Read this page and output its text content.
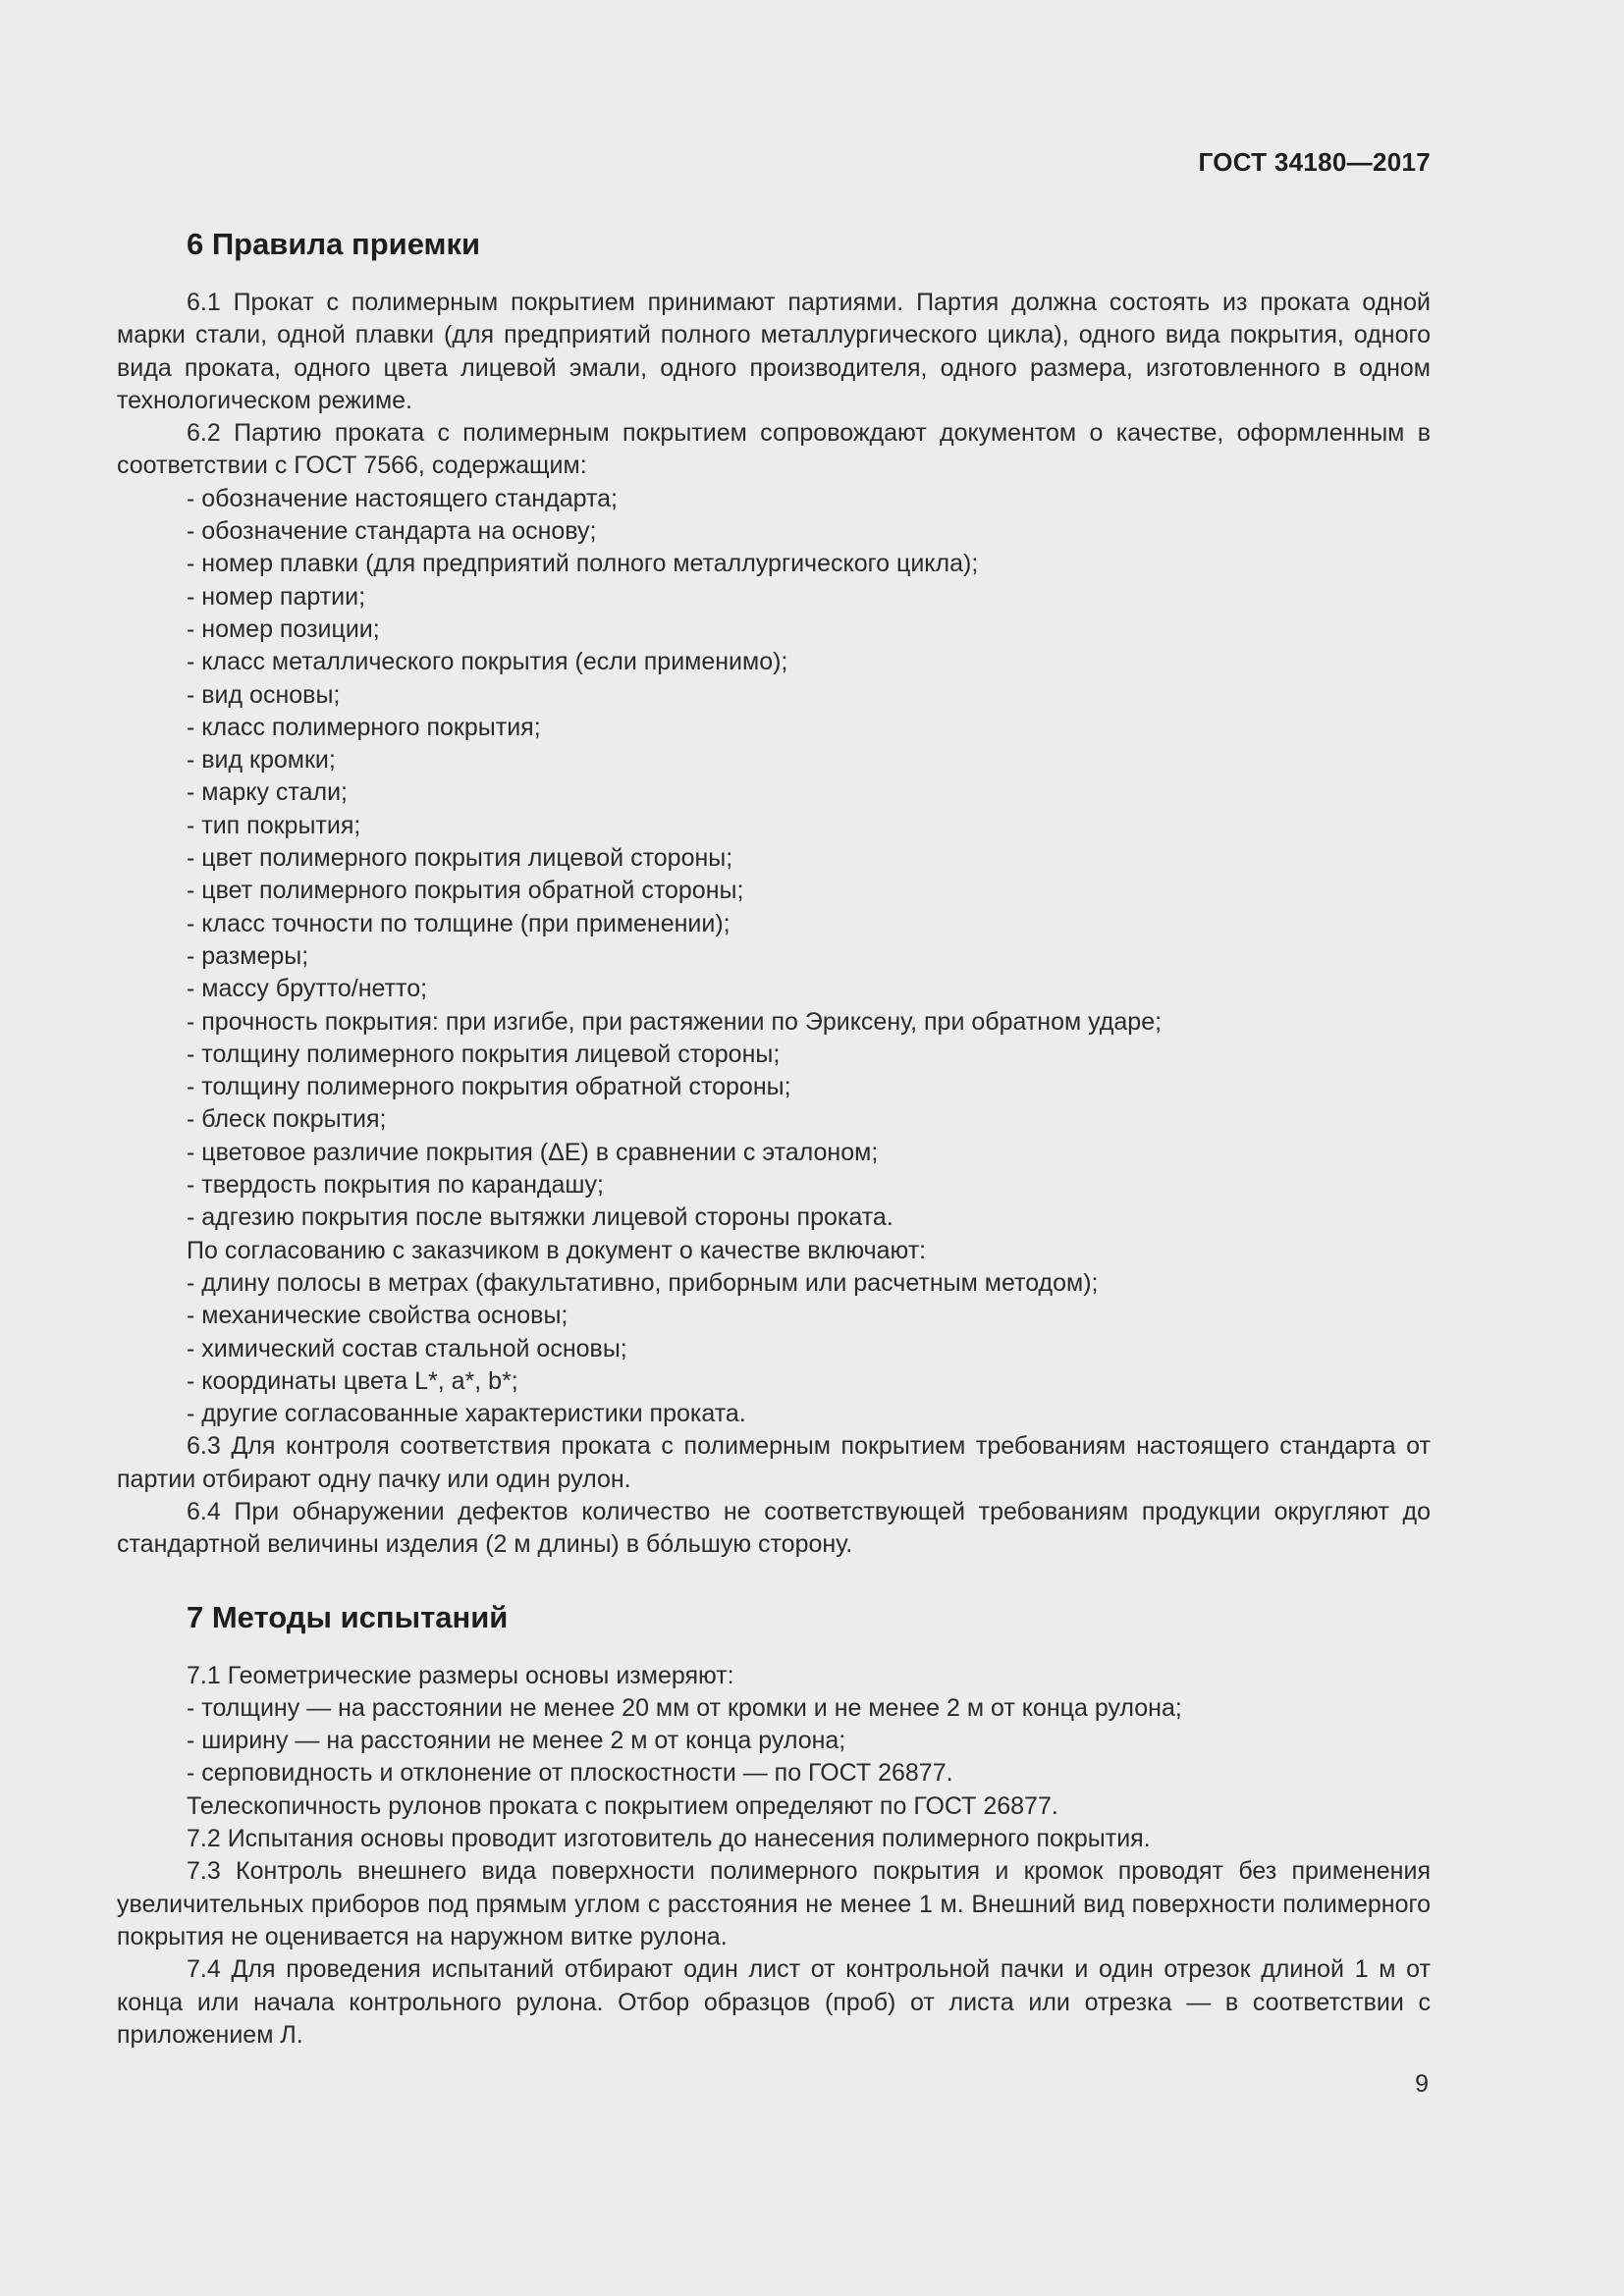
ГОСТ 34180—2017
6 Правила приемки

6.1 Прокат с полимерным покрытием принимают партиями. Партия должна состоять из проката одной марки стали, одной плавки (для предприятий полного металлургического цикла), одного вида покрытия, одного вида проката, одного цвета лицевой эмали, одного производителя, одного размера, изготовленного в одном технологическом режиме.

6.2 Партию проката с полимерным покрытием сопровождают документом о качестве, оформленным в соответствии с ГОСТ 7566, содержащим:

- обозначение настоящего стандарта;

- обозначение стандарта на основу;

- номер плавки (для предприятий полного металлургического цикла);

- номер партии;

- номер позиции;

- класс металлического покрытия (если применимо);

- вид основы;

- класс полимерного покрытия;

- вид кромки;

- марку стали;

- тип покрытия;

- цвет полимерного покрытия лицевой стороны;

- цвет полимерного покрытия обратной стороны;

- класс точности по толщине (при применении);

- размеры;

- массу брутто/нетто;

- прочность покрытия: при изгибе, при растяжении по Эриксену, при обратном ударе;

- толщину полимерного покрытия лицевой стороны;

- толщину полимерного покрытия обратной стороны;

- блеск покрытия;

- цветовое различие покрытия (ΔE) в сравнении с эталоном;

- твердость покрытия по карандашу;

- адгезию покрытия после вытяжки лицевой стороны проката.

По согласованию с заказчиком в документ о качестве включают:

- длину полосы в метрах (факультативно, приборным или расчетным методом);

- механические свойства основы;

- химический состав стальной основы;

- координаты цвета L*, a*, b*;

- другие согласованные характеристики проката.

6.3 Для контроля соответствия проката с полимерным покрытием требованиям настоящего стандарта от партии отбирают одну пачку или один рулон.

6.4 При обнаружении дефектов количество не соответствующей требованиям продукции округляют до стандартной величины изделия (2 м длины) в бóльшую сторону.

7 Методы испытаний

7.1 Геометрические размеры основы измеряют:

- толщину — на расстоянии не менее 20 мм от кромки и не менее 2 м от конца рулона;

- ширину — на расстоянии не менее 2 м от конца рулона;

- серповидность и отклонение от плоскостности — по ГОСТ 26877.

Телескопичность рулонов проката с покрытием определяют по ГОСТ 26877.

7.2 Испытания основы проводит изготовитель до нанесения полимерного покрытия.

7.3 Контроль внешнего вида поверхности полимерного покрытия и кромок проводят без применения увеличительных приборов под прямым углом с расстояния не менее 1 м. Внешний вид поверхности полимерного покрытия не оценивается на наружном витке рулона.

7.4 Для проведения испытаний отбирают один лист от контрольной пачки и один отрезок длиной 1 м от конца или начала контрольного рулона. Отбор образцов (проб) от листа или отрезка — в соответствии с приложением Л.

9
